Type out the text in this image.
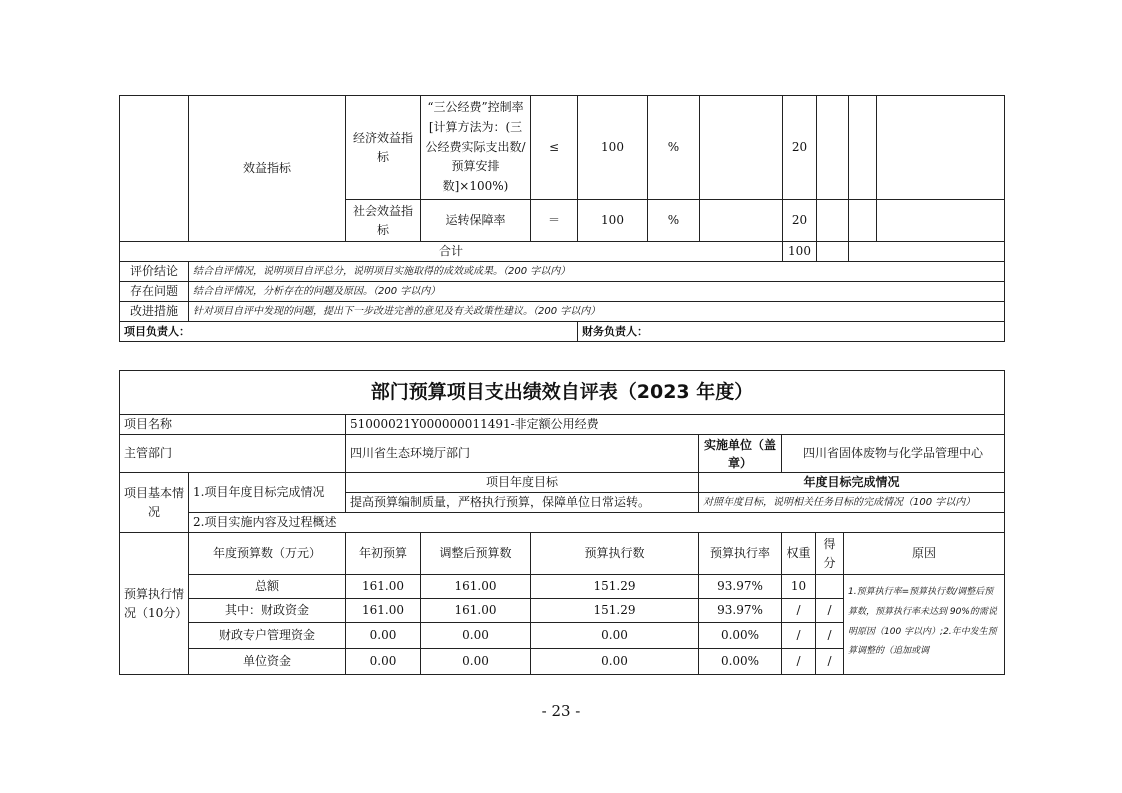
	效益指标	经济效益指标	“三公经费”控制率[计算方法为：(三公经费实际支出数/预算安排数]×100%)	≤	100	%		20			
		社会效益指标	运转保障率	＝	100	%		20			
合计								100			
评价结论	结合自评情况，说明项目自评总分，说明项目实施取得的成效或成果。（200 字以内）										
存在问题	结合自评情况，分析存在的问题及原因。（200 字以内）										
改进措施	针对项目自评中发现的问题，提出下一步改进完善的意见及有关政策性建议。（200 字以内）										
项目负责人：					财务负责人：						
部门预算项目支出绩效自评表（2023 年度）								
项目名称		51000021Y000000011491-非定额公用经费						
主管部门		四川省生态环境厅部门			实施单位（盖章）	四川省固体废物与化学品管理中心		
项目基本情况	1.项目年度目标完成情况	项目年度目标			年度目标完成情况			
		提高预算编制质量，严格执行预算，保障单位日常运转。			对照年度目标，说明相关任务目标的完成情况（100 字以内）			
	2.项目实施内容及过程概述							
预算执行情况（10分）	年度预算数（万元）	年初预算	调整后预算数	预算执行数	预算执行率	权重	得分	原因
	总额	161.00	161.00	151.29	93.97%	10		1.预算执行率=预算执行数/调整后预算数，预算执行率未达到 90%的需说明原因（100 字以内）;2.年中发生预算调整的（追加或调
	其中：财政资金	161.00	161.00	151.29	93.97%	/	/	
	财政专户管理资金	0.00	0.00	0.00	0.00%	/	/	
	单位资金	0.00	0.00	0.00	0.00%	/	/	
- 23 -
